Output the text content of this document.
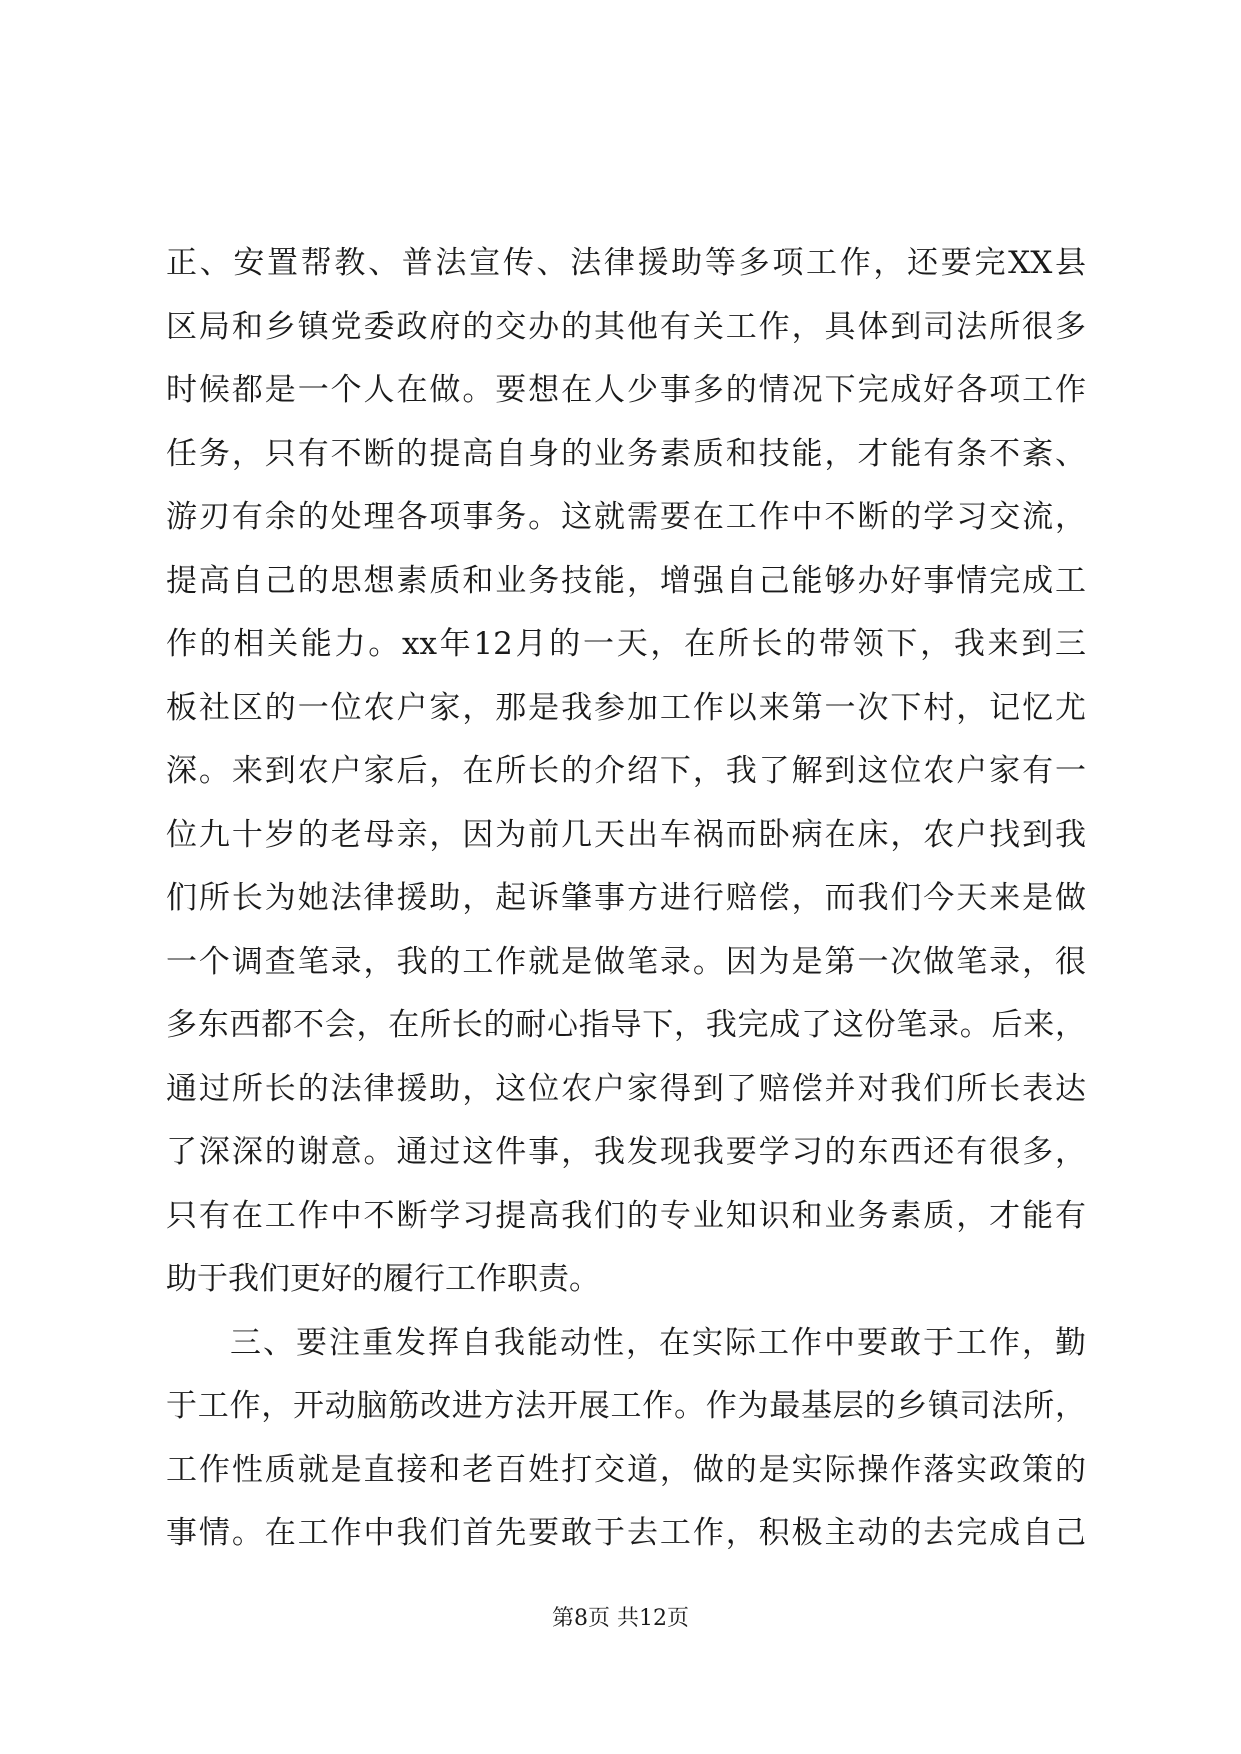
正、安置帮教、普法宣传、法律援助等多项工作，还要完XX县
区局和乡镇党委政府的交办的其他有关工作，具体到司法所很多
时候都是一个人在做。要想在人少事多的情况下完成好各项工作
任务，只有不断的提高自身的业务素质和技能，才能有条不紊、
游刃有余的处理各项事务。这就需要在工作中不断的学习交流，
提高自己的思想素质和业务技能，增强自己能够办好事情完成工
作的相关能力。xx年12月的一天，在所长的带领下，我来到三
板社区的一位农户家，那是我参加工作以来第一次下村，记忆尤
深。来到农户家后，在所长的介绍下，我了解到这位农户家有一
位九十岁的老母亲，因为前几天出车祸而卧病在床，农户找到我
们所长为她法律援助，起诉肇事方进行赔偿，而我们今天来是做
一个调查笔录，我的工作就是做笔录。因为是第一次做笔录，很
多东西都不会，在所长的耐心指导下，我完成了这份笔录。后来，
通过所长的法律援助，这位农户家得到了赔偿并对我们所长表达
了深深的谢意。通过这件事，我发现我要学习的东西还有很多，
只有在工作中不断学习提高我们的专业知识和业务素质，才能有
助于我们更好的履行工作职责。
三、要注重发挥自我能动性，在实际工作中要敢于工作，勤
于工作，开动脑筋改进方法开展工作。作为最基层的乡镇司法所，
工作性质就是直接和老百姓打交道，做的是实际操作落实政策的
事情。在工作中我们首先要敢于去工作，积极主动的去完成自己
第8页 共12页
